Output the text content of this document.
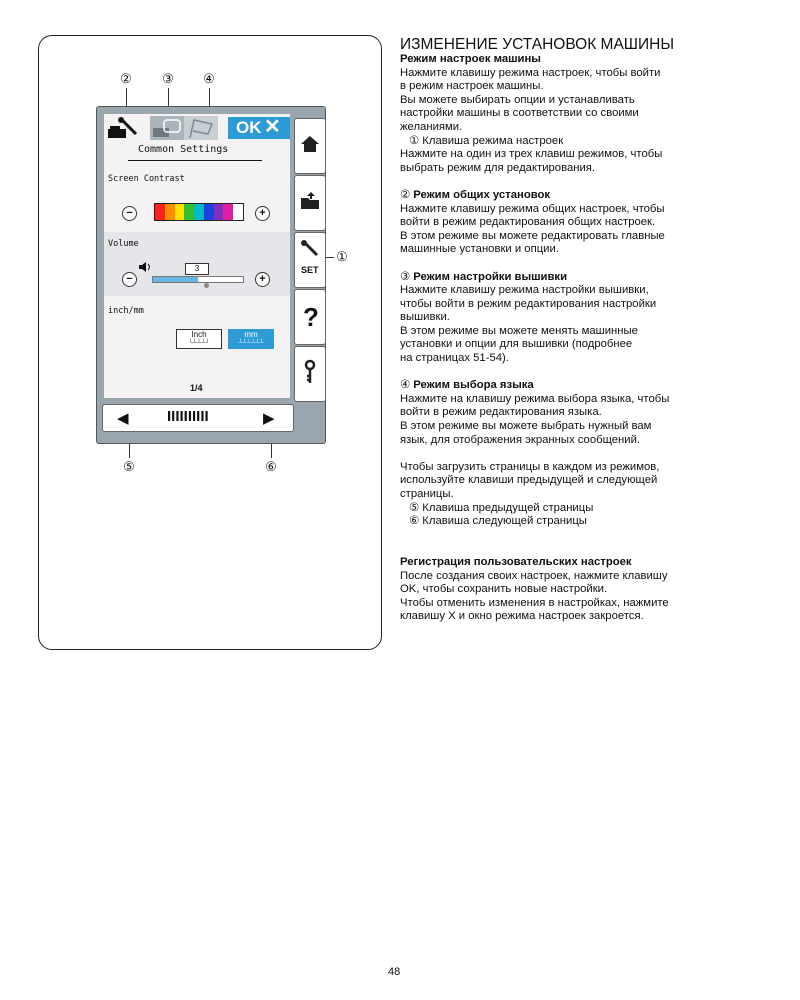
② ③ ④
①
⑤	⑥
OK ✕
Common Settings
Screen Contrast
−	+
Volume
3
−	+
inch/mm
Inch
└┴┴┴┘
mm
┴┴┴┴┴┴
1/4
SET
?
◀	IIIIIIIIII	▶

ИЗМЕНЕНИЕ УСТАНОВОК МАШИНЫ

Режим настроек машины

Нажмите клавишу режима настроек, чтобы войти

в режим настроек машины.

Вы можете выбирать опции и устанавливать

настройки машины в соответствии со своими

желаниями.

① Клавиша режима настроек

Нажмите на один из трех клавиш режимов, чтобы

выбрать режим для редактирования.

② Режим общих установок

Нажмите клавишу режима общих настроек, чтобы

войти в режим редактирования общих настроек.

В этом режиме вы можете редактировать главные

машинные установки и опции.

③ Режим настройки вышивки

Нажмите клавишу режима настройки вышивки,

чтобы войти в режим редактирования настройки

вышивки.

В этом режиме вы можете менять машинные

установки и опции для вышивки (подробнее

на страницах 51-54).

④ Режим выбора языка

Нажмите на клавишу режима выбора языка, чтобы

войти в режим редактирования языка.

В этом режиме вы можете выбрать нужный вам

язык, для отображения экранных сообщений.

Чтобы загрузить страницы в каждом из режимов,

используйте клавиши предыдущей и следующей

страницы.

⑤ Клавиша предыдущей страницы

⑥ Клавиша следующей страницы

Регистрация пользовательских настроек

После создания своих настроек, нажмите клавишу

OK, чтобы сохранить новые настройки.

Чтобы отменить изменения в настройках, нажмите

клавишу X и окно режима настроек закроется.

48
